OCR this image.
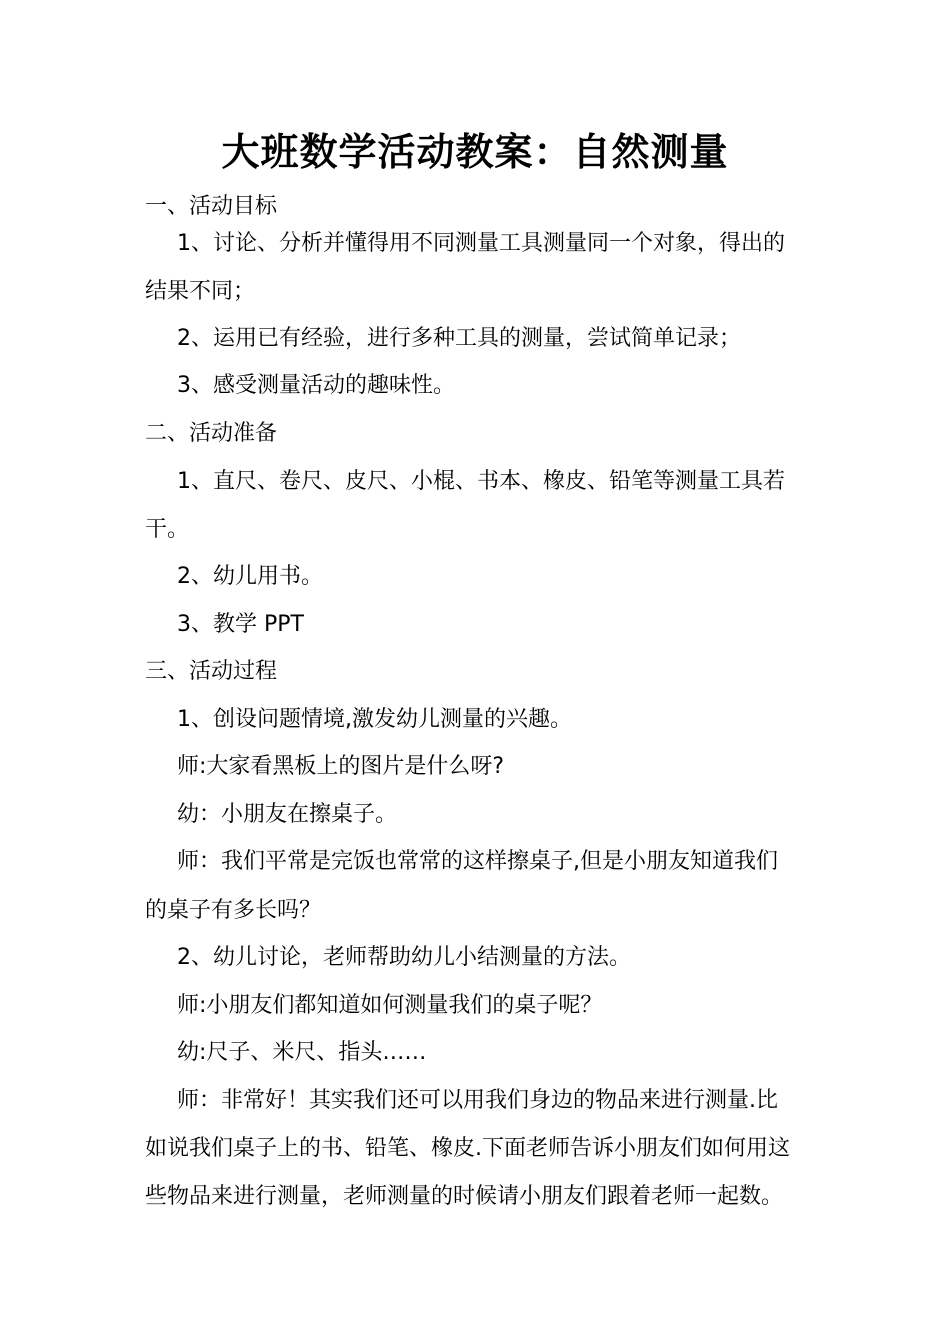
大班数学活动教案：自然测量
一、活动目标
1、讨论、分析并懂得用不同测量工具测量同一个对象，得出的
结果不同；
2、运用已有经验，进行多种工具的测量，尝试简单记录；
3、感受测量活动的趣味性。
二、活动准备
1、直尺、卷尺、皮尺、小棍、书本、橡皮、铅笔等测量工具若
干。
2、幼儿用书。
3、教学 PPT
三、活动过程
1、创设问题情境,激发幼儿测量的兴趣。
师:大家看黑板上的图片是什么呀?
幼：小朋友在擦桌子。
师：我们平常是完饭也常常的这样擦桌子,但是小朋友知道我们
的桌子有多长吗？
2、幼儿讨论，老师帮助幼儿小结测量的方法。
师:小朋友们都知道如何测量我们的桌子呢？
幼:尺子、米尺、指头……
师：非常好！其实我们还可以用我们身边的物品来进行测量.比
如说我们桌子上的书、铅笔、橡皮.下面老师告诉小朋友们如何用这
些物品来进行测量，老师测量的时候请小朋友们跟着老师一起数。
